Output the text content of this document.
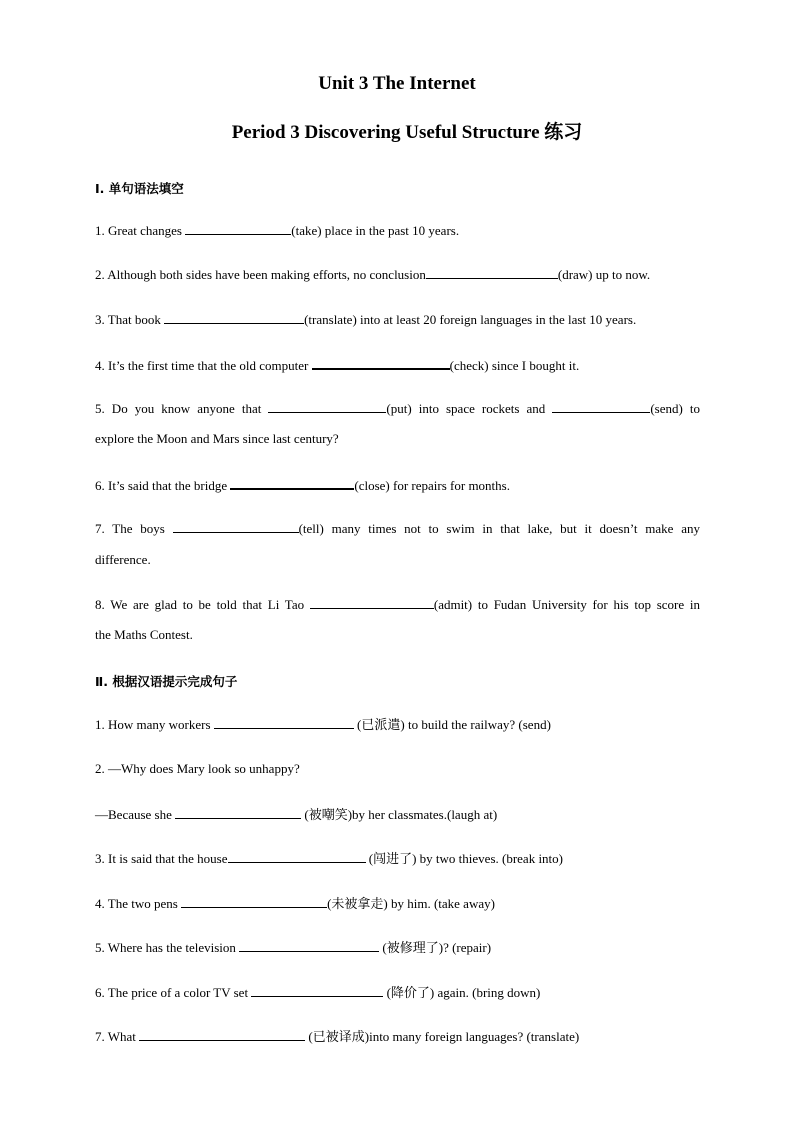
Unit 3 The Internet
Period 3 Discovering Useful Structure 练习
Ⅰ. 单句语法填空
1. Great changes	(take) place in the past 10 years.
2. Although both sides have been making efforts, no conclusion	(draw) up to now.
3. That book	(translate) into at least 20 foreign languages in the last 10 years.
4. It’s the first time that the old computer	(check) since I bought it.
5. Do you know anyone that	(put) into space rockets and	(send) to
explore the Moon and Mars since last century?
6. It’s said that the bridge	(close) for repairs for months.
7. The boys	(tell) many times not to swim in that lake, but it doesn’t make any
difference.
8. We are glad to be told that Li Tao	(admit) to Fudan University for his top score in
the Maths Contest.
Ⅱ. 根据汉语提示完成句子
1. How many workers	(已派遣) to build the railway? (send)
2. —Why does Mary look so unhappy?
—Because she	(被嘲笑)by her classmates.(laugh at)
3. It is said that the house	(闯进了) by two thieves. (break into)
4. The two pens	(未被拿走) by him. (take away)
5. Where has the television	(被修理了)? (repair)
6. The price of a color TV set	(降价了) again. (bring down)
7. What	(已被译成)into many foreign languages? (translate)
